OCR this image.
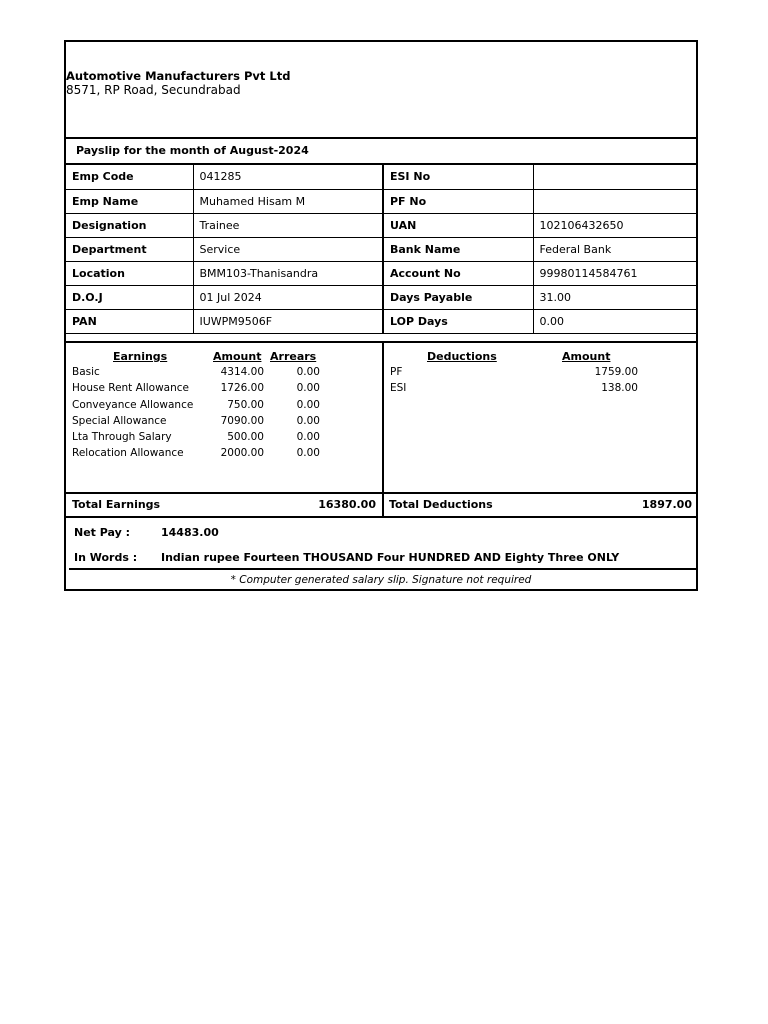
Automotive Manufacturers Pvt Ltd
8571, RP Road, Secundrabad
Payslip for the month of August-2024
Emp Code	041285	ESI No	
Emp Name	Muhamed Hisam M	PF No	
Designation	Trainee	UAN	102106432650
Department	Service	Bank Name	Federal Bank
Location	BMM103-Thanisandra	Account No	99980114584761
D.O.J	01 Jul 2024	Days Payable	31.00
PAN	IUWPM9506F	LOP Days	0.00
Earnings	Amount Arrears	Deductions	Amount
Basic	4314.00	0.00
House Rent Allowance	1726.00	0.00
Conveyance Allowance	750.00	0.00
Special Allowance	7090.00	0.00
Lta Through Salary	500.00	0.00
Relocation Allowance	2000.00	0.00
PF	1759.00
ESI	138.00
Total Earnings	16380.00 Total Deductions	1897.00
Net Pay :	14483.00
In Words : Indian rupee Fourteen THOUSAND Four HUNDRED AND Eighty Three ONLY
* Computer generated salary slip. Signature not required
